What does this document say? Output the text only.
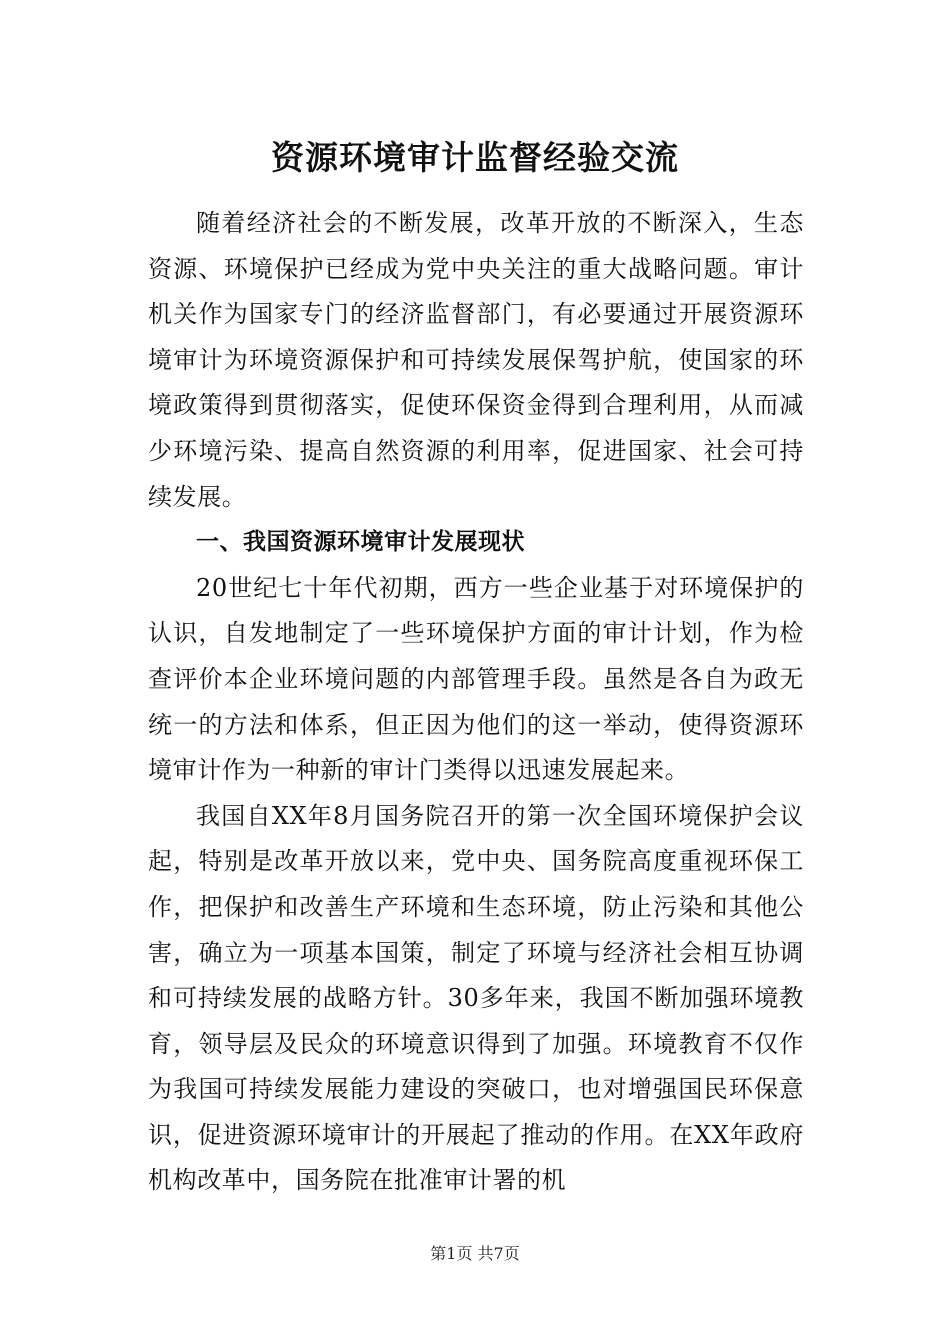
资源环境审计监督经验交流

随着经济社会的不断发展，改革开放的不断深入，生态资源、环境保护已经成为党中央关注的重大战略问题。审计机关作为国家专门的经济监督部门，有必要通过开展资源环境审计为环境资源保护和可持续发展保驾护航，使国家的环境政策得到贯彻落实，促使环保资金得到合理利用，从而减少环境污染、提高自然资源的利用率，促进国家、社会可持续发展。

一、我国资源环境审计发展现状

20世纪七十年代初期，西方一些企业基于对环境保护的认识，自发地制定了一些环境保护方面的审计计划，作为检查评价本企业环境问题的内部管理手段。虽然是各自为政无统一的方法和体系，但正因为他们的这一举动，使得资源环境审计作为一种新的审计门类得以迅速发展起来。

我国自XX年8月国务院召开的第一次全国环境保护会议起，特别是改革开放以来，党中央、国务院高度重视环保工作，把保护和改善生产环境和生态环境，防止污染和其他公害，确立为一项基本国策，制定了环境与经济社会相互协调和可持续发展的战略方针。30多年来，我国不断加强环境教育，领导层及民众的环境意识得到了加强。环境教育不仅作为我国可持续发展能力建设的突破口，也对增强国民环保意识，促进资源环境审计的开展起了推动的作用。在XX年政府机构改革中，国务院在批准审计署的机

第1页 共7页
